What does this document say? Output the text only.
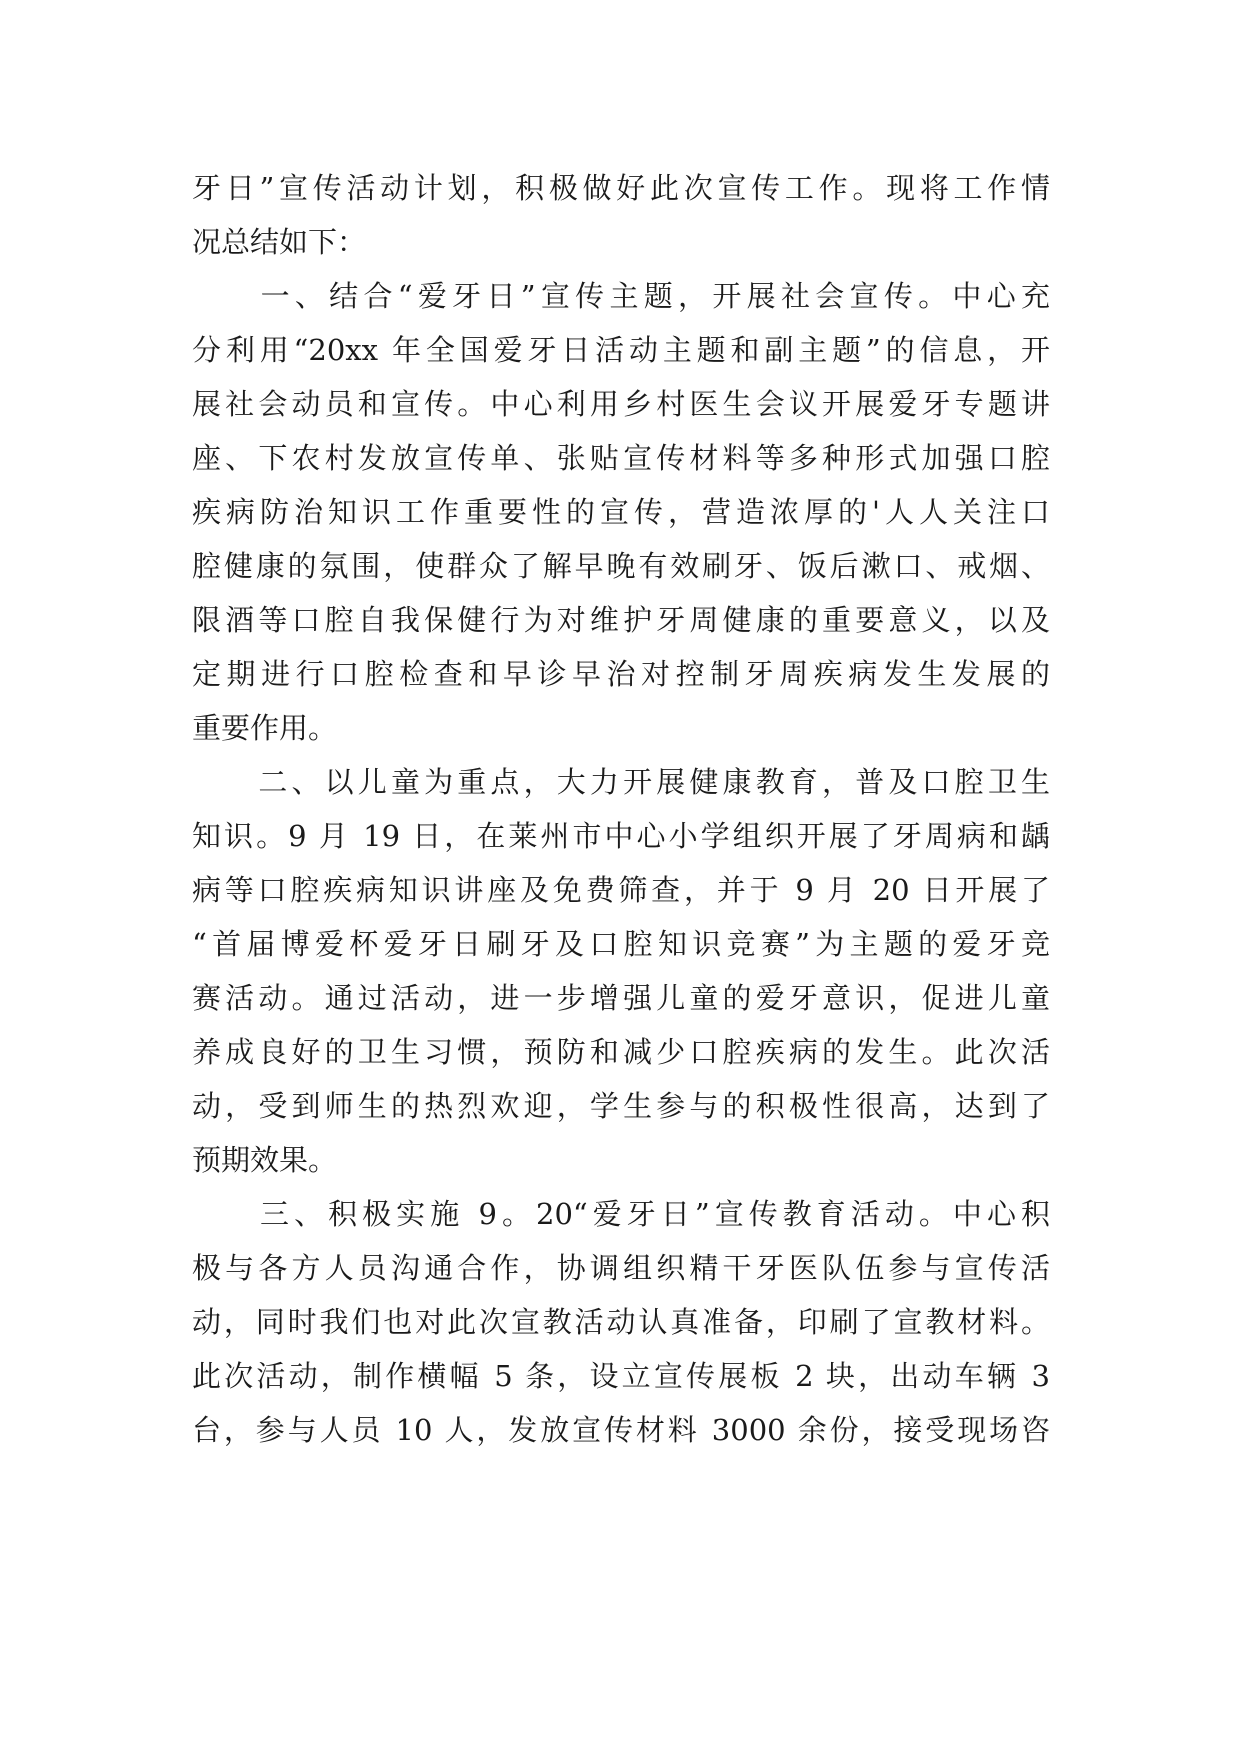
牙日”宣传活动计划，积极做好此次宣传工作。现将工作情
况总结如下：
　　一、结合“爱牙日”宣传主题，开展社会宣传。中心充
分利用“20xx 年全国爱牙日活动主题和副主题”的信息，开
展社会动员和宣传。中心利用乡村医生会议开展爱牙专题讲
座、下农村发放宣传单、张贴宣传材料等多种形式加强口腔
疾病防治知识工作重要性的宣传，营造浓厚的'人人关注口
腔健康的氛围，使群众了解早晚有效刷牙、饭后漱口、戒烟、
限酒等口腔自我保健行为对维护牙周健康的重要意义，以及
定期进行口腔检查和早诊早治对控制牙周疾病发生发展的
重要作用。
　　二、以儿童为重点，大力开展健康教育，普及口腔卫生
知识。9 月 19 日，在莱州市中心小学组织开展了牙周病和龋
病等口腔疾病知识讲座及免费筛查，并于 9 月 20 日开展了
“首届博爱杯爱牙日刷牙及口腔知识竞赛”为主题的爱牙竞
赛活动。通过活动，进一步增强儿童的爱牙意识，促进儿童
养成良好的卫生习惯，预防和减少口腔疾病的发生。此次活
动，受到师生的热烈欢迎，学生参与的积极性很高，达到了
预期效果。
　　三、积极实施 9。20“爱牙日”宣传教育活动。中心积
极与各方人员沟通合作，协调组织精干牙医队伍参与宣传活
动，同时我们也对此次宣教活动认真准备，印刷了宣教材料。
此次活动，制作横幅 5 条，设立宣传展板 2 块，出动车辆 3
台，参与人员 10 人，发放宣传材料 3000 余份，接受现场咨
